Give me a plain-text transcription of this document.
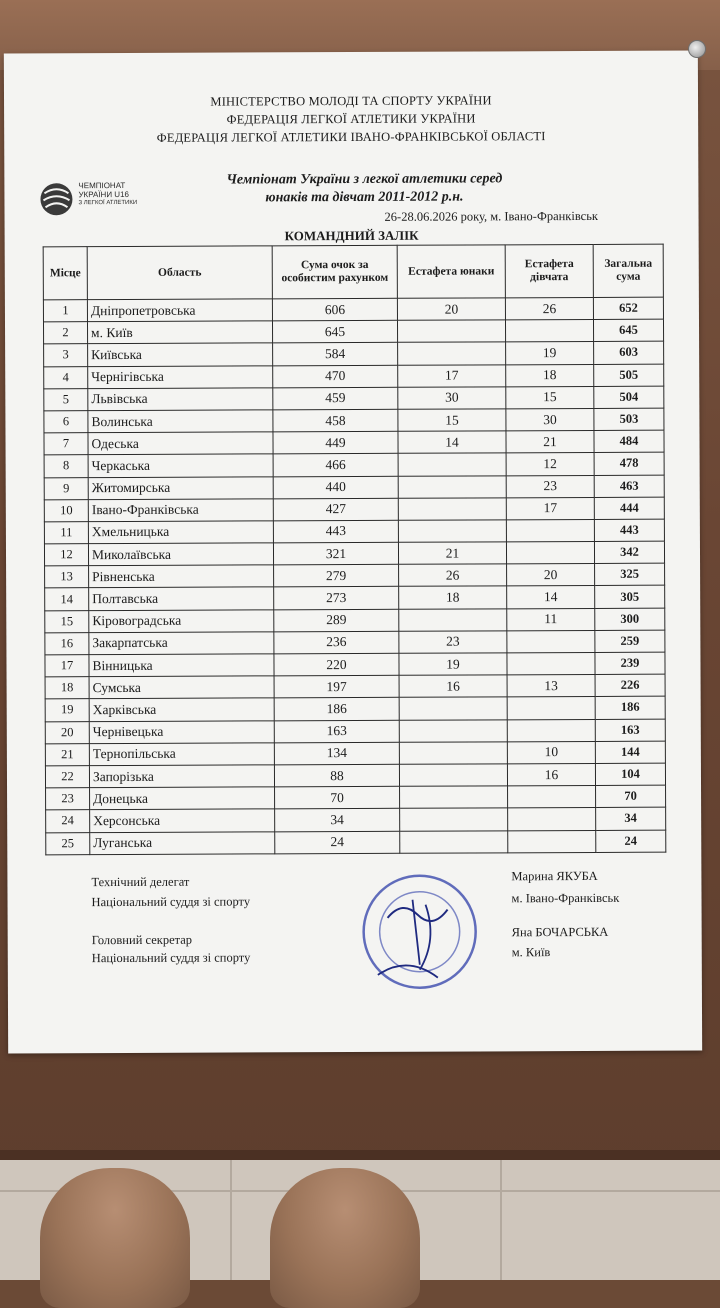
МІНІСТЕРСТВО МОЛОДІ ТА СПОРТУ УКРАЇНИ
ФЕДЕРАЦІЯ ЛЕГКОЇ АТЛЕТИКИ УКРАЇНИ
ФЕДЕРАЦІЯ ЛЕГКОЇ АТЛЕТИКИ ІВАНО-ФРАНКІВСЬКОЇ ОБЛАСТІ
ЧЕМПІОНАТ
УКРАЇНИ U16
З ЛЕГКОЇ АТЛЕТИКИ
Чемпіонат України з легкої атлетики серед
юнаків та дівчат 2011-2012 р.н.
26-28.06.2026 року, м. Івано-Франківськ
КОМАНДНИЙ ЗАЛІК
Місце	Область	Сума очок за особистим рахунком	Естафета юнаки	Естафета дівчата	Загальна сума
1	Дніпропетровська	606	20	26	652
2	м. Київ	645			645
3	Київська	584		19	603
4	Чернігівська	470	17	18	505
5	Львівська	459	30	15	504
6	Волинська	458	15	30	503
7	Одеська	449	14	21	484
8	Черкаська	466		12	478
9	Житомирська	440		23	463
10	Івано-Франківська	427		17	444
11	Хмельницька	443			443
12	Миколаївська	321	21		342
13	Рівненська	279	26	20	325
14	Полтавська	273	18	14	305
15	Кіровоградська	289		11	300
16	Закарпатська	236	23		259
17	Вінницька	220	19		239
18	Сумська	197	16	13	226
19	Харківська	186			186
20	Чернівецька	163			163
21	Тернопільська	134		10	144
22	Запорізька	88		16	104
23	Донецька	70			70
24	Херсонська	34			34
25	Луганська	24			24
Технічний делегат
Національний суддя зі спорту
Марина ЯКУБА
м. Івано-Франківськ
Головний секретар
Національний суддя зі спорту
Яна БОЧАРСЬКА
м. Київ
